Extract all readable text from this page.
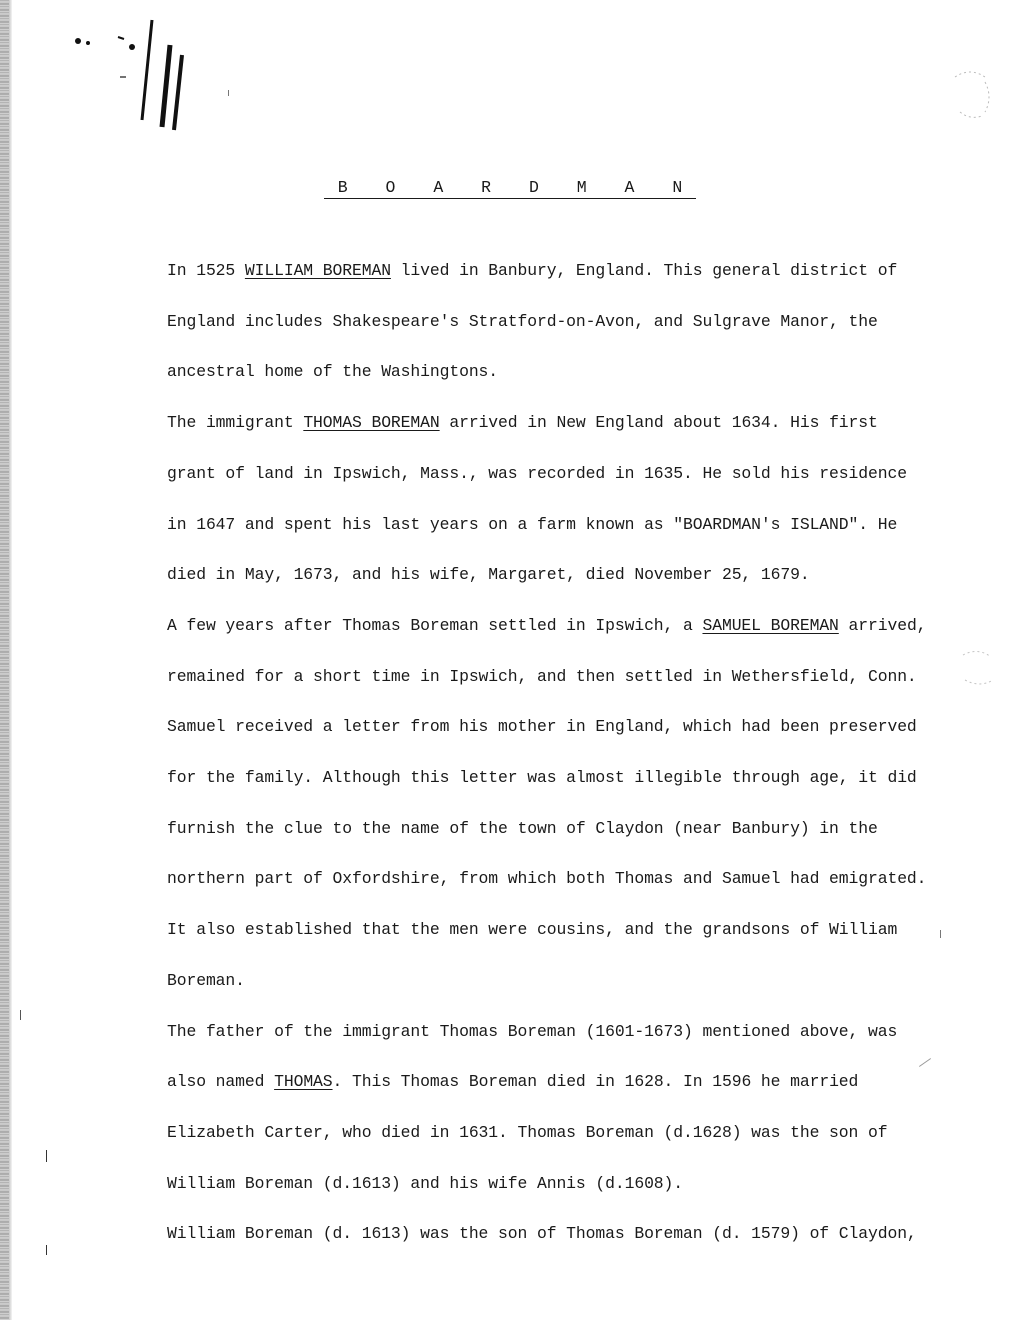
B O A R D M A N

In 1525 WILLIAM BOREMAN lived in Banbury, England. This general district of

England includes Shakespeare's Stratford-on-Avon, and Sulgrave Manor, the

ancestral home of the Washingtons.

The immigrant THOMAS BOREMAN arrived in New England about 1634. His first

grant of land in Ipswich, Mass., was recorded in 1635. He sold his residence

in 1647 and spent his last years on a farm known as "BOARDMAN's ISLAND". He

died in May, 1673, and his wife, Margaret, died November 25, 1679.

A few years after Thomas Boreman settled in Ipswich, a SAMUEL BOREMAN arrived,

remained for a short time in Ipswich, and then settled in Wethersfield, Conn.

Samuel received a letter from his mother in England, which had been preserved

for the family. Although this letter was almost illegible through age, it did

furnish the clue to the name of the town of Claydon (near Banbury) in the

northern part of Oxfordshire, from which both Thomas and Samuel had emigrated.

It also established that the men were cousins, and the grandsons of William

Boreman.

The father of the immigrant Thomas Boreman (1601-1673) mentioned above, was

also named THOMAS. This Thomas Boreman died in 1628. In 1596 he married

Elizabeth Carter, who died in 1631. Thomas Boreman (d.1628) was the son of

William Boreman (d.1613) and his wife Annis (d.1608).

William Boreman (d. 1613) was the son of Thomas Boreman (d. 1579) of Claydon,
